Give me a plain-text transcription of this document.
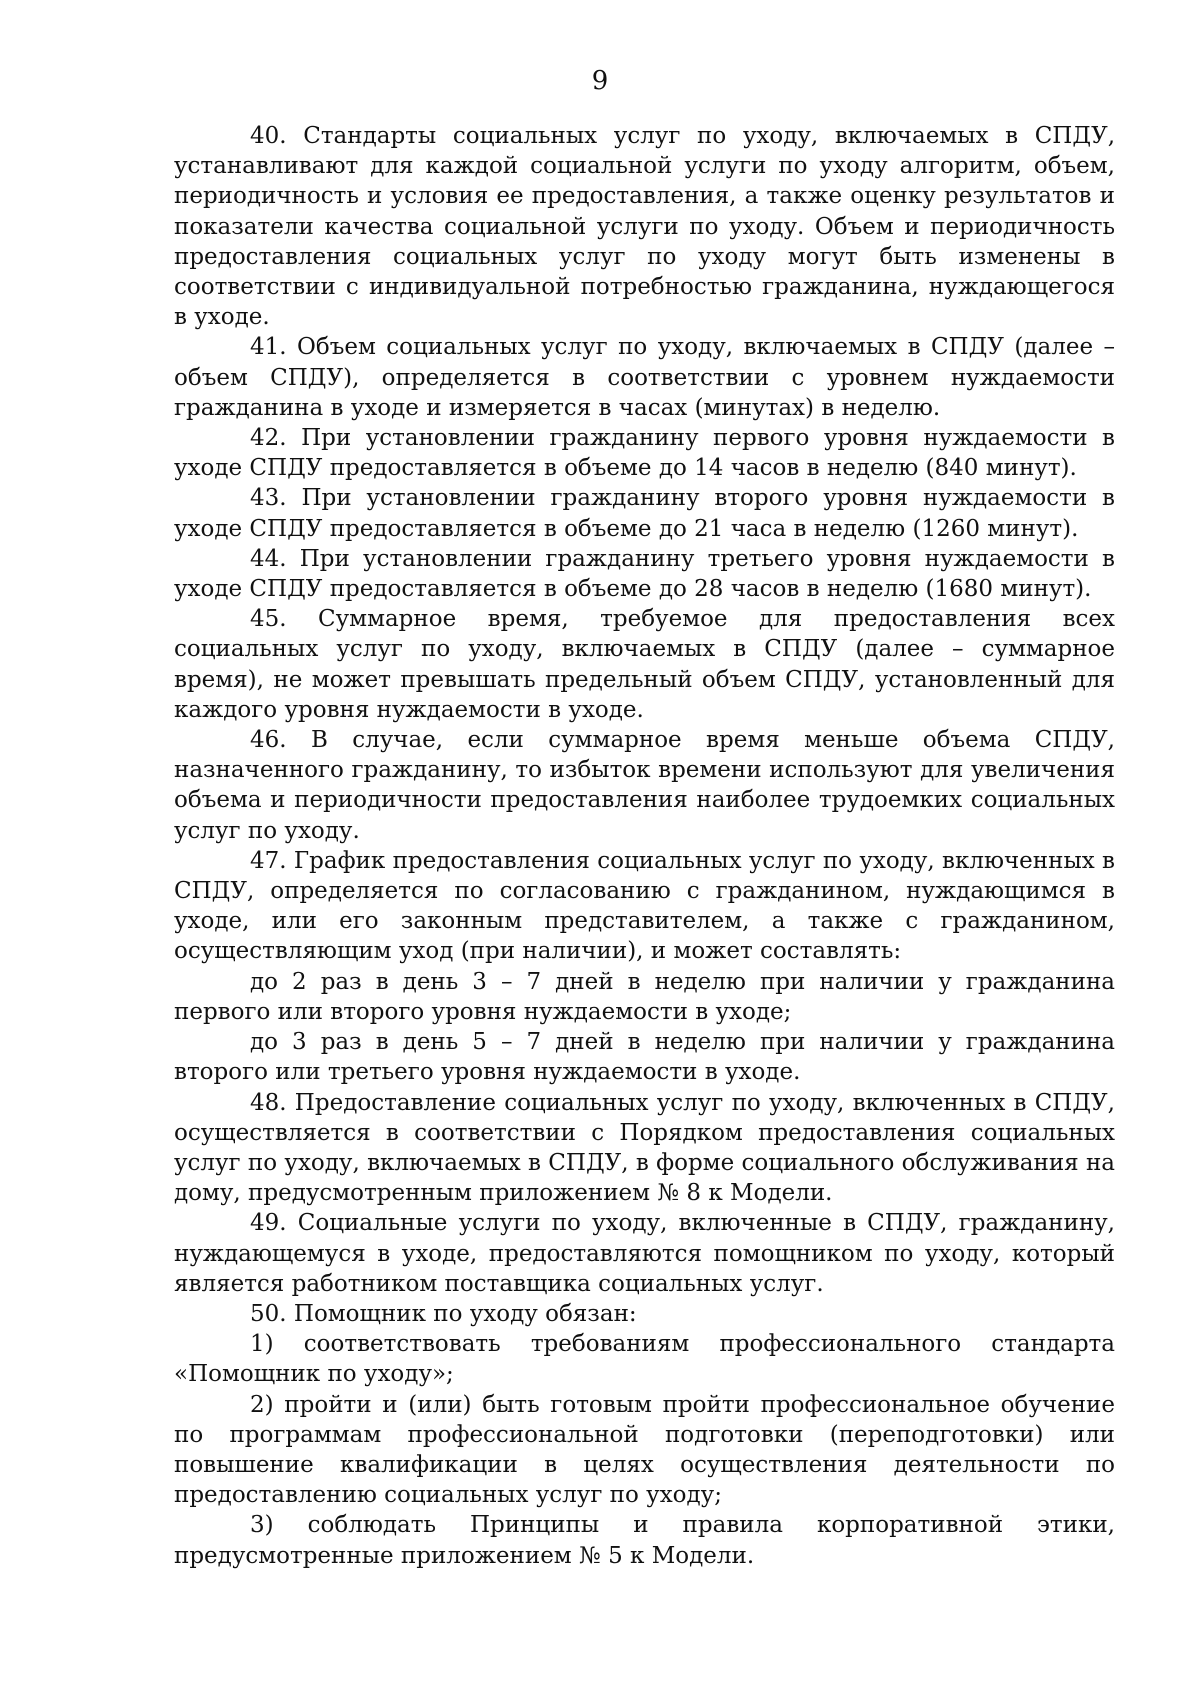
9

40. Стандарты социальных услуг по уходу, включаемых в СПДУ, устанавливают для каждой социальной услуги по уходу алгоритм, объем, периодичность и условия ее предоставления, а также оценку результатов и показатели качества социальной услуги по уходу. Объем и периодичность предоставления социальных услуг по уходу могут быть изменены в соответствии с индивидуальной потребностью гражданина, нуждающегося в уходе.

41. Объем социальных услуг по уходу, включаемых в СПДУ (далее – объем СПДУ), определяется в соответствии с уровнем нуждаемости гражданина в уходе и измеряется в часах (минутах) в неделю.

42. При установлении гражданину первого уровня нуждаемости в уходе СПДУ предоставляется в объеме до 14 часов в неделю (840 минут).

43. При установлении гражданину второго уровня нуждаемости в уходе СПДУ предоставляется в объеме до 21 часа в неделю (1260 минут).

44. При установлении гражданину третьего уровня нуждаемости в уходе СПДУ предоставляется в объеме до 28 часов в неделю (1680 минут).

45. Суммарное время, требуемое для предоставления всех социальных услуг по уходу, включаемых в СПДУ (далее – суммарное время), не может превышать предельный объем СПДУ, установленный для каждого уровня нуждаемости в уходе.

46. В случае, если суммарное время меньше объема СПДУ, назначенного гражданину, то избыток времени используют для увеличения объема и периодичности предоставления наиболее трудоемких социальных услуг по уходу.

47. График предоставления социальных услуг по уходу, включенных в СПДУ, определяется по согласованию с гражданином, нуждающимся в уходе, или его законным представителем, а также с гражданином, осуществляющим уход (при наличии), и может составлять:

до 2 раз в день 3 – 7 дней в неделю при наличии у гражданина первого или второго уровня нуждаемости в уходе;

до 3 раз в день 5 – 7 дней в неделю при наличии у гражданина второго или третьего уровня нуждаемости в уходе.

48. Предоставление социальных услуг по уходу, включенных в СПДУ, осуществляется в соответствии с Порядком предоставления социальных услуг по уходу, включаемых в СПДУ, в форме социального обслуживания на дому, предусмотренным приложением № 8 к Модели.

49. Социальные услуги по уходу, включенные в СПДУ, гражданину, нуждающемуся в уходе, предоставляются помощником по уходу, который является работником поставщика социальных услуг.

50. Помощник по уходу обязан:

1) соответствовать требованиям профессионального стандарта «Помощник по уходу»;

2) пройти и (или) быть готовым пройти профессиональное обучение по программам профессиональной подготовки (переподготовки) или повышение квалификации в целях осуществления деятельности по предоставлению социальных услуг по уходу;

3) соблюдать Принципы и правила корпоративной этики, предусмотренные приложением № 5 к Модели.
